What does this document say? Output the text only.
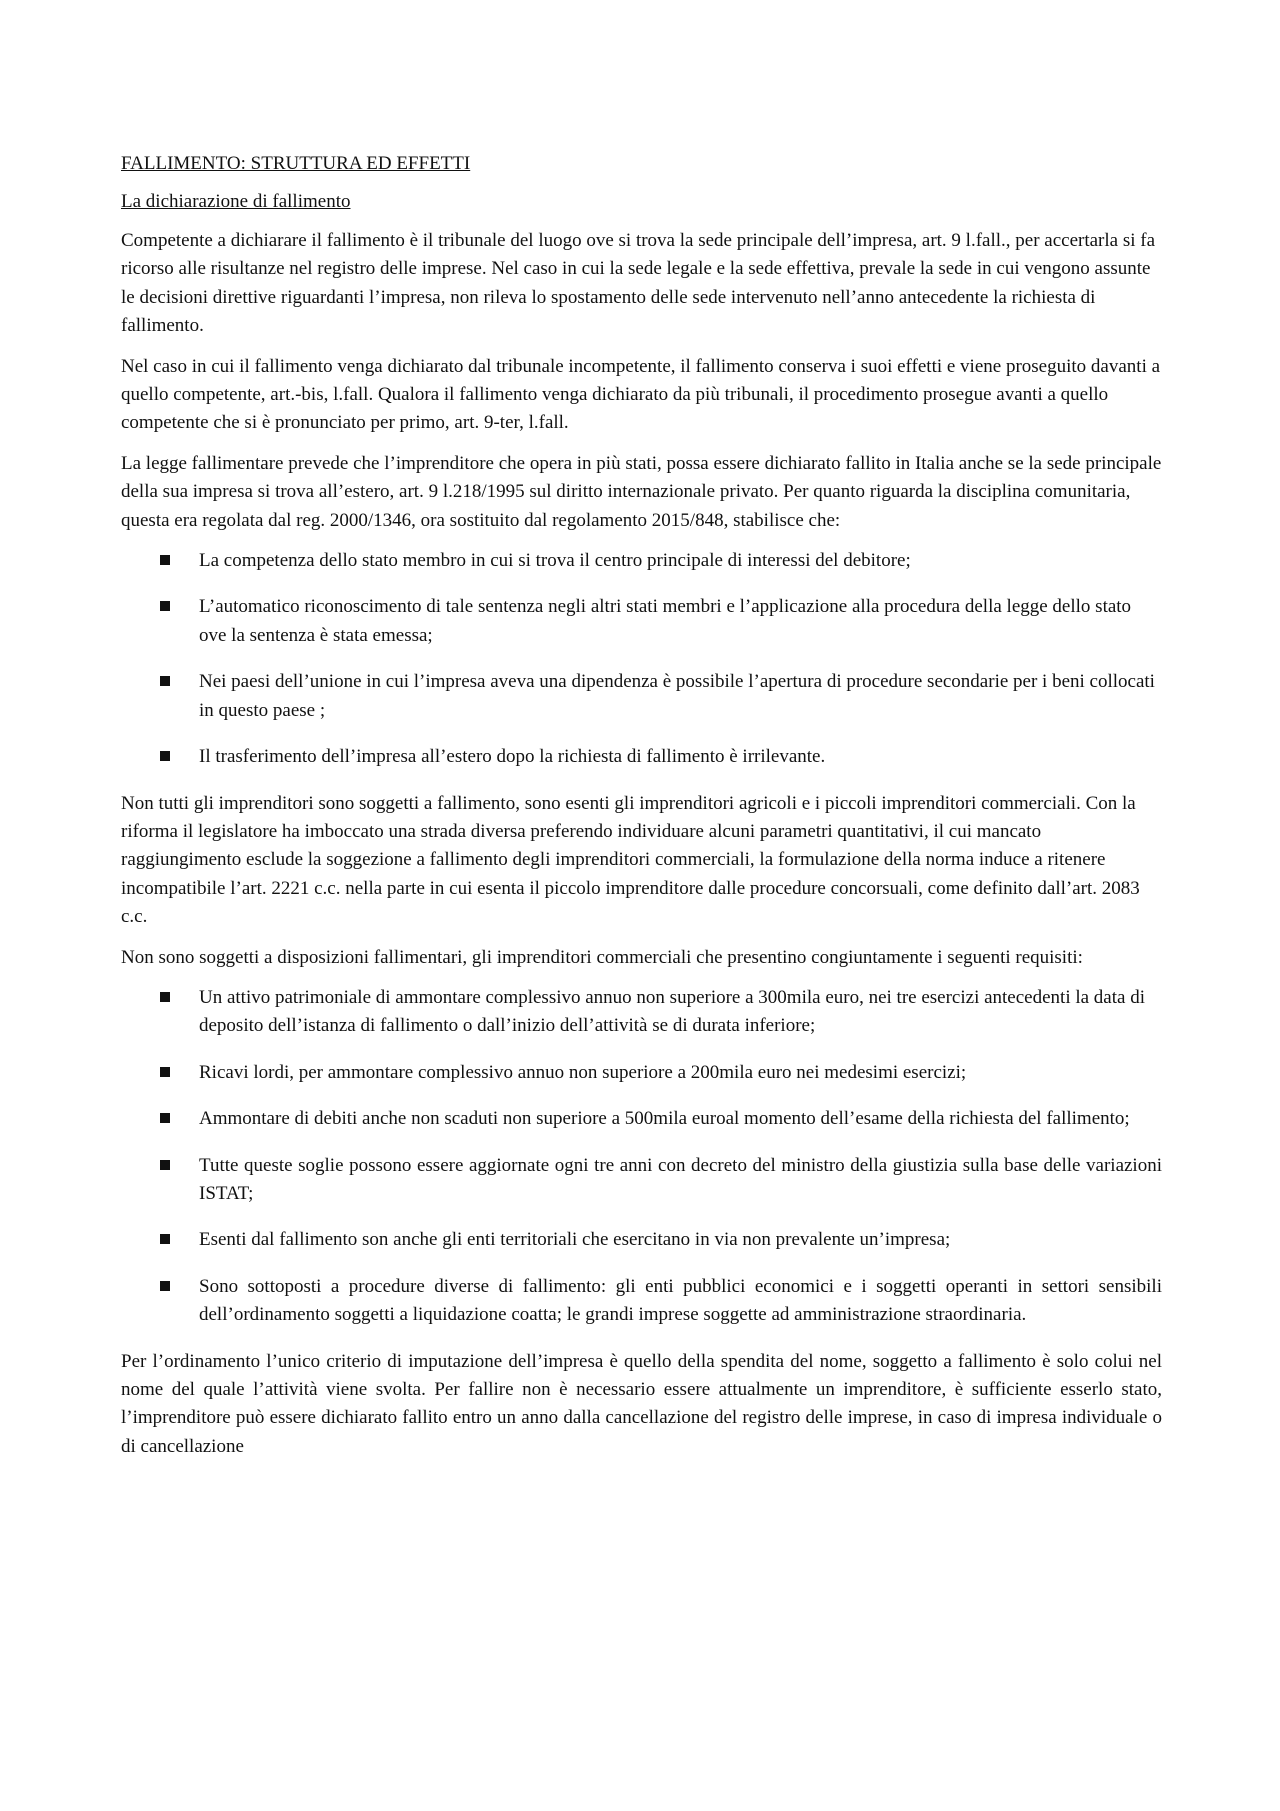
FALLIMENTO: STRUTTURA ED EFFETTI
La dichiarazione di fallimento

Competente a dichiarare il fallimento è il tribunale del luogo ove si trova la sede principale dell’impresa, art. 9 l.fall., per accertarla si fa ricorso alle risultanze nel registro delle imprese. Nel caso in cui la sede legale e la sede effettiva, prevale la sede in cui vengono assunte le decisioni direttive riguardanti l’impresa, non rileva lo spostamento delle sede intervenuto nell’anno antecedente la richiesta di fallimento.

Nel caso in cui il fallimento venga dichiarato dal tribunale incompetente, il fallimento conserva i suoi effetti e viene proseguito davanti a quello competente, art.-bis, l.fall. Qualora il fallimento venga dichiarato da più tribunali, il procedimento prosegue avanti a quello competente che si è pronunciato per primo, art. 9-ter, l.fall.

La legge fallimentare prevede che l’imprenditore che opera in più stati, possa essere dichiarato fallito in Italia anche se la sede principale della sua impresa si trova all’estero, art. 9 l.218/1995 sul diritto internazionale privato. Per quanto riguarda la disciplina comunitaria, questa era regolata dal reg. 2000/1346, ora sostituito dal regolamento 2015/848, stabilisce che:

La competenza dello stato membro in cui si trova il centro principale di interessi del debitore;
L’automatico riconoscimento di tale sentenza negli altri stati membri e l’applicazione alla procedura della legge dello stato ove la sentenza è stata emessa;
Nei paesi dell’unione in cui l’impresa aveva una dipendenza è possibile l’apertura di procedure secondarie per i beni collocati in questo paese ;
Il trasferimento dell’impresa all’estero dopo la richiesta di fallimento è irrilevante.

Non tutti gli imprenditori sono soggetti a fallimento, sono esenti gli imprenditori agricoli e i piccoli imprenditori commerciali. Con la riforma il legislatore ha imboccato una strada diversa preferendo individuare alcuni parametri quantitativi, il cui mancato raggiungimento esclude la soggezione a fallimento degli imprenditori commerciali, la formulazione della norma induce a ritenere incompatibile l’art. 2221 c.c. nella parte in cui esenta il piccolo imprenditore dalle procedure concorsuali, come definito dall’art. 2083 c.c.

Non sono soggetti a disposizioni fallimentari, gli imprenditori commerciali che presentino congiuntamente i seguenti requisiti:

Un attivo patrimoniale di ammontare complessivo annuo non superiore a 300mila euro, nei tre esercizi antecedenti la data di deposito dell’istanza di fallimento o dall’inizio dell’attività se di durata inferiore;
Ricavi lordi, per ammontare complessivo annuo non superiore a 200mila euro nei medesimi esercizi;
Ammontare di debiti anche non scaduti non superiore a 500mila euroal momento dell’esame della richiesta del fallimento;
Tutte queste soglie possono essere aggiornate ogni tre anni con decreto del ministro della giustizia sulla base delle variazioni ISTAT;
Esenti dal fallimento son anche gli enti territoriali che esercitano in via non prevalente un’impresa;
Sono sottoposti a procedure diverse di fallimento: gli enti pubblici economici e i soggetti operanti in settori sensibili dell’ordinamento soggetti a liquidazione coatta; le grandi imprese soggette ad amministrazione straordinaria.

Per l’ordinamento l’unico criterio di imputazione dell’impresa è quello della spendita del nome, soggetto a fallimento è solo colui nel nome del quale l’attività viene svolta. Per fallire non è necessario essere attualmente un imprenditore, è sufficiente esserlo stato, l’imprenditore può essere dichiarato fallito entro un anno dalla cancellazione del registro delle imprese, in caso di impresa individuale o di cancellazione
